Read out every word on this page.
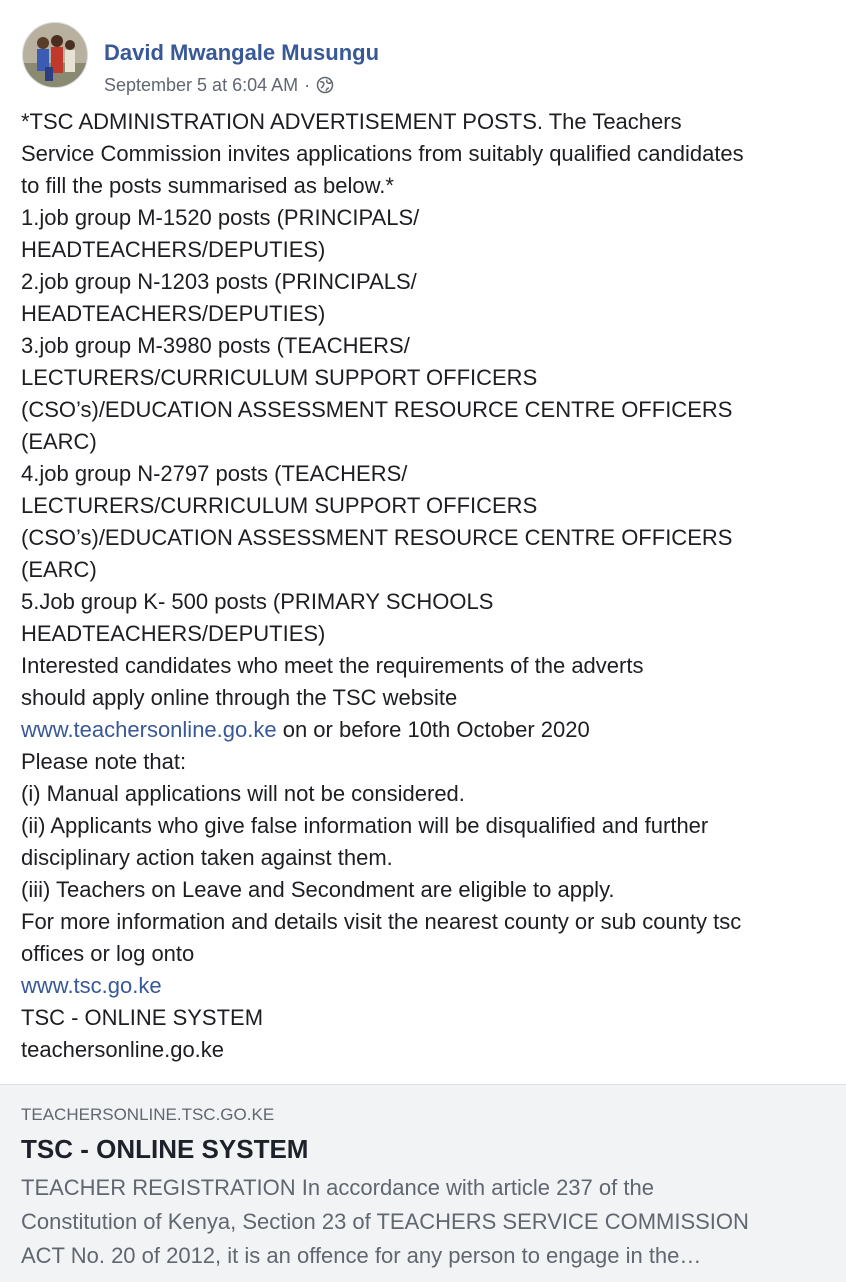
David Mwangale Musungu
September 5 at 6:04 AM ·
*TSC ADMINISTRATION ADVERTISEMENT POSTS. The Teachers
Service Commission invites applications from suitably qualified candidates
to fill the posts summarised as below.*
1.job group M-1520 posts (PRINCIPALS/
HEADTEACHERS/DEPUTIES)
2.job group N-1203 posts (PRINCIPALS/
HEADTEACHERS/DEPUTIES)
3.job group M-3980 posts (TEACHERS/
LECTURERS/CURRICULUM SUPPORT OFFICERS
(CSO’s)/EDUCATION ASSESSMENT RESOURCE CENTRE OFFICERS
(EARC)
4.job group N-2797 posts (TEACHERS/
LECTURERS/CURRICULUM SUPPORT OFFICERS
(CSO’s)/EDUCATION ASSESSMENT RESOURCE CENTRE OFFICERS
(EARC)
5.Job group K- 500 posts (PRIMARY SCHOOLS
HEADTEACHERS/DEPUTIES)
Interested candidates who meet the requirements of the adverts
should apply online through the TSC website
www.teachersonline.go.ke on or before 10th October 2020
Please note that:
(i) Manual applications will not be considered.
(ii) Applicants who give false information will be disqualified and further
disciplinary action taken against them.
(iii) Teachers on Leave and Secondment are eligible to apply.
For more information and details visit the nearest county or sub county tsc
offices or log onto
www.tsc.go.ke
TSC - ONLINE SYSTEM
teachersonline.go.ke
TEACHERSONLINE.TSC.GO.KE
TSC - ONLINE SYSTEM
TEACHER REGISTRATION In accordance with article 237 of the
Constitution of Kenya, Section 23 of TEACHERS SERVICE COMMISSION
ACT No. 20 of 2012, it is an offence for any person to engage in the…
